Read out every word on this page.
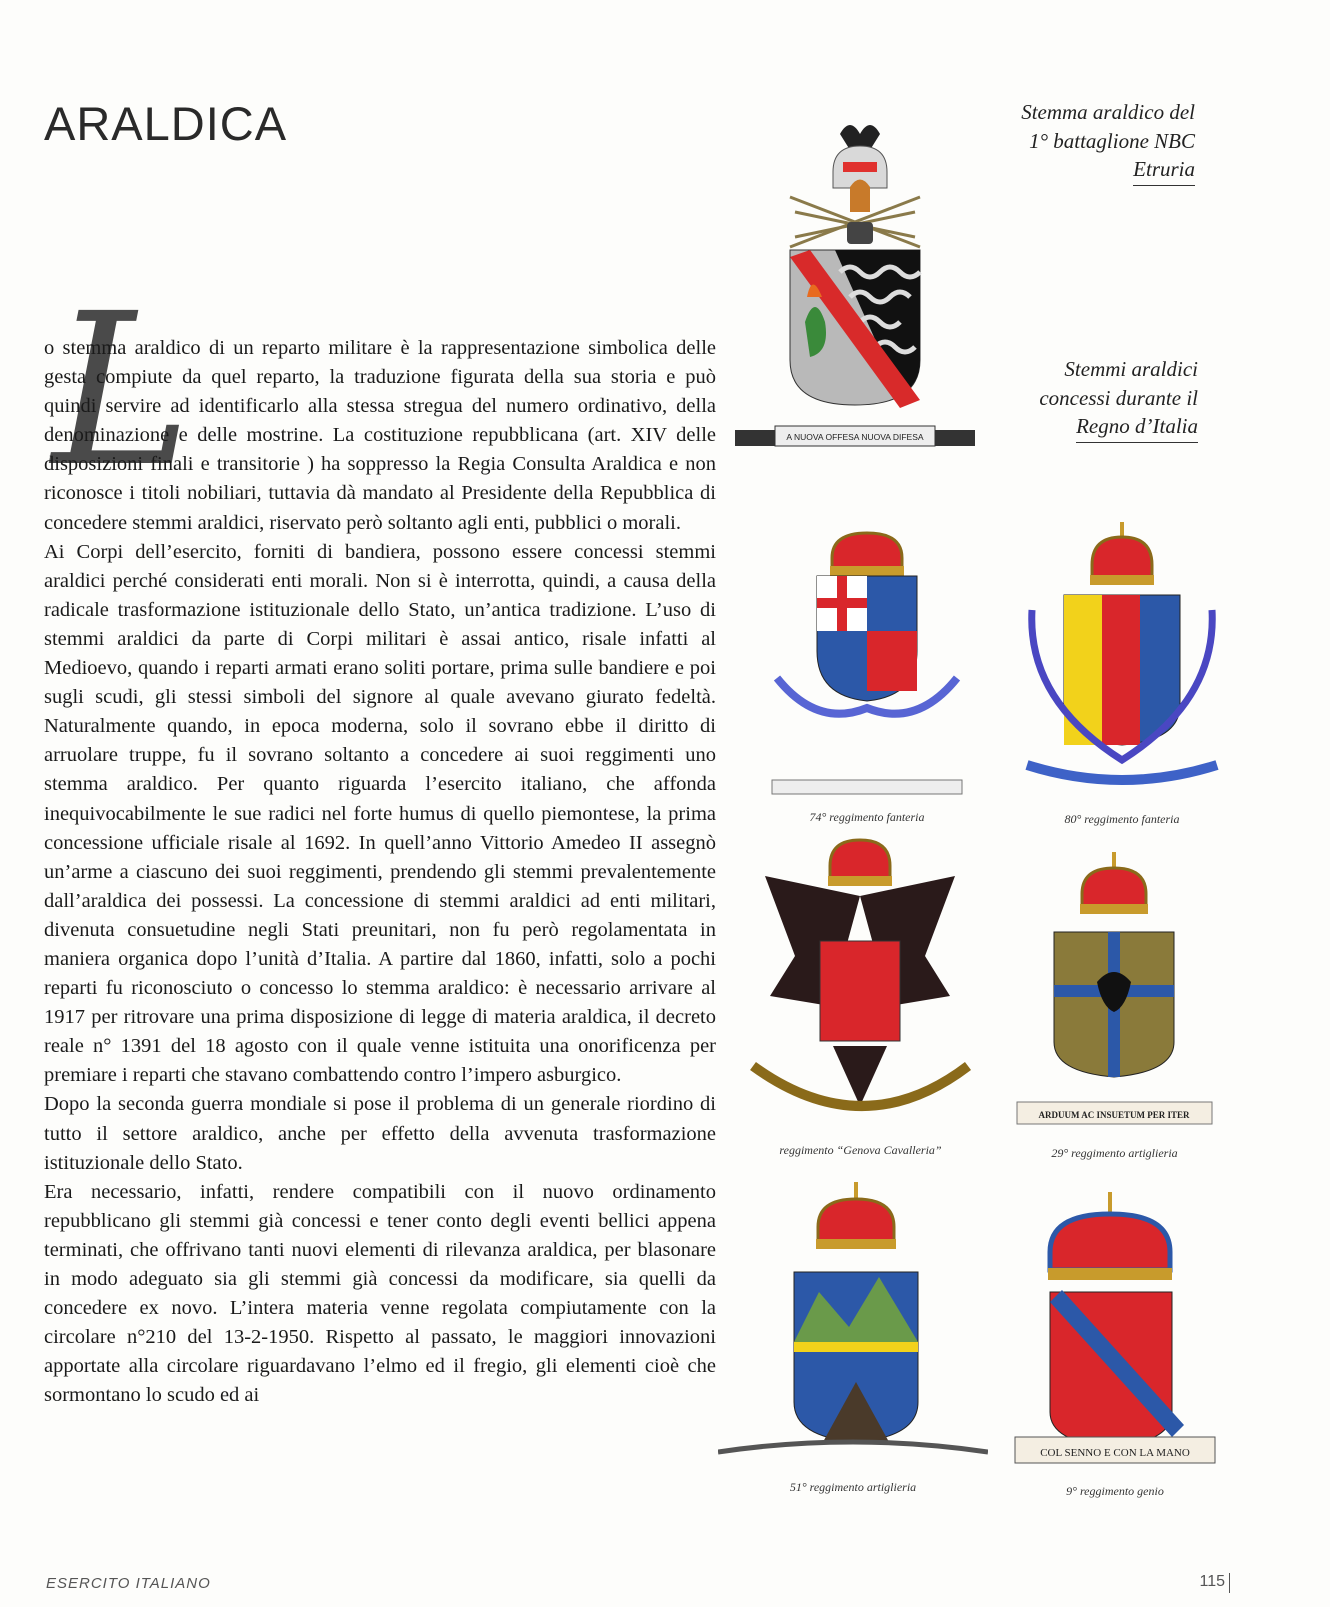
ARALDICA
L

o stemma araldico di un reparto militare è la rappresentazione simbolica delle gesta compiute da quel reparto, la traduzione figurata della sua storia e può quindi servire ad identificarlo alla stessa stregua del numero ordinativo, della denominazione e delle mostrine. La costituzione repubblicana (art. XIV delle disposizioni finali e transitorie ) ha soppresso la Regia Consulta Araldica e non riconosce i titoli nobiliari, tuttavia dà mandato al Presidente della Repubblica di concedere stemmi araldici, riservato però soltanto agli enti, pubblici o morali.

Ai Corpi dell’esercito, forniti di bandiera, possono essere concessi stemmi araldici perché considerati enti morali. Non si è interrotta, quindi, a causa della radicale trasformazione istituzionale dello Stato, un’antica tradizione. L’uso di stemmi araldici da parte di Corpi militari è assai antico, risale infatti al Medioevo, quando i reparti armati erano soliti portare, prima sulle bandiere e poi sugli scudi, gli stessi simboli del signore al quale avevano giurato fedeltà. Naturalmente quando, in epoca moderna, solo il sovrano ebbe il diritto di arruolare truppe, fu il sovrano soltanto a concedere ai suoi reggimenti uno stemma araldico. Per quanto riguarda l’esercito italiano, che affonda inequivocabilmente le sue radici nel forte humus di quello piemontese, la prima concessione ufficiale risale al 1692. In quell’anno Vittorio Amedeo II assegnò un’arme a ciascuno dei suoi reggimenti, prendendo gli stemmi prevalentemente dall’araldica dei possessi. La concessione di stemmi araldici ad enti militari, divenuta consuetudine negli Stati preunitari, non fu però regolamentata in maniera organica dopo l’unità d’Italia. A partire dal 1860, infatti, solo a pochi reparti fu riconosciuto o concesso lo stemma araldico: è necessario arrivare al 1917 per ritrovare una prima disposizione di legge di materia araldica, il decreto reale n° 1391 del 18 agosto con il quale venne istituita una onorificenza per premiare i reparti che stavano combattendo contro l’impero asburgico.

Dopo la seconda guerra mondiale si pose il problema di un generale riordino di tutto il settore araldico, anche per effetto della avvenuta trasformazione istituzionale dello Stato.

Era necessario, infatti, rendere compatibili con il nuovo ordinamento repubblicano gli stemmi già concessi e tener conto degli eventi bellici appena terminati, che offrivano tanti nuovi elementi di rilevanza araldica, per blasonare in modo adeguato sia gli stemmi già concessi da modificare, sia quelli da concedere ex novo. L’intera materia venne regolata compiutamente con la circolare n°210 del 13-2-1950. Rispetto al passato, le maggiori innovazioni apportate alla circolare riguardavano l’elmo ed il fregio, gli elementi cioè che sormontano lo scudo ed ai

Stemma araldico del
1° battaglione NBC
Etruria
Stemmi araldici
concessi durante il
Regno d’Italia
A NUOVA OFFESA NUOVA DIFESA
74° reggimento fanteria	80° reggimento fanteria
reggimento “Genova Cavalleria”
ARDUUM AC INSUETUM PER ITER
29° reggimento artiglieria
51° reggimento artiglieria
COL SENNO E CON LA MANO
9° reggimento genio
ESERCITO ITALIANO	115
